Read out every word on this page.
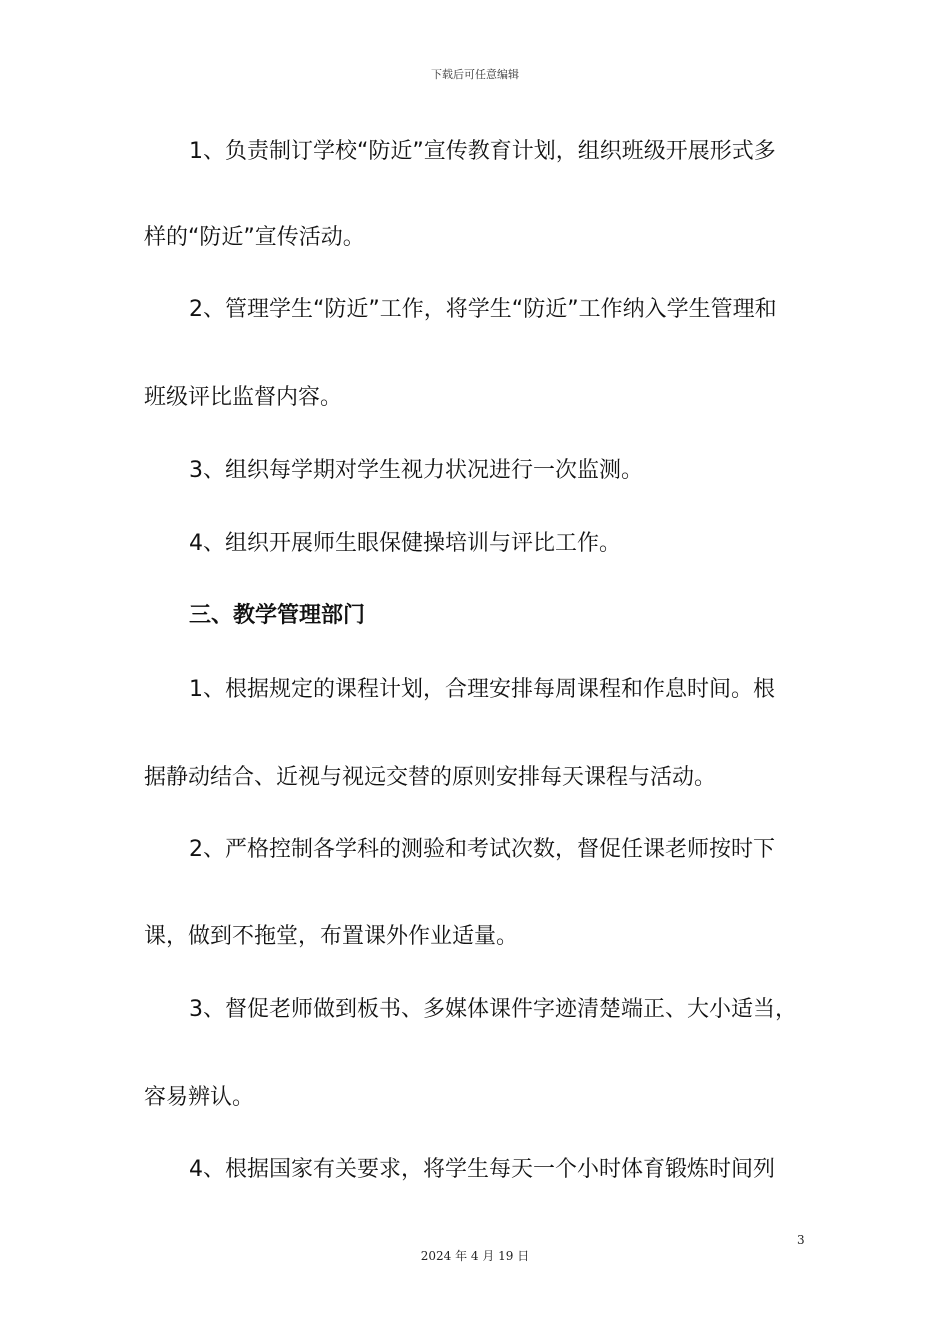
下载后可任意编辑
1、负责制订学校“防近”宣传教育计划，组织班级开展形式多
样的“防近”宣传活动。
2、管理学生“防近”工作，将学生“防近”工作纳入学生管理和
班级评比监督内容。
3、组织每学期对学生视力状况进行一次监测。
4、组织开展师生眼保健操培训与评比工作。
三、教学管理部门
1、根据规定的课程计划，合理安排每周课程和作息时间。根
据静动结合、近视与视远交替的原则安排每天课程与活动。
2、严格控制各学科的测验和考试次数，督促任课老师按时下
课，做到不拖堂，布置课外作业适量。
3、督促老师做到板书、多媒体课件字迹清楚端正、大小适当，
容易辨认。
4、根据国家有关要求，将学生每天一个小时体育锻炼时间列
3
2024 年 4 月 19 日
